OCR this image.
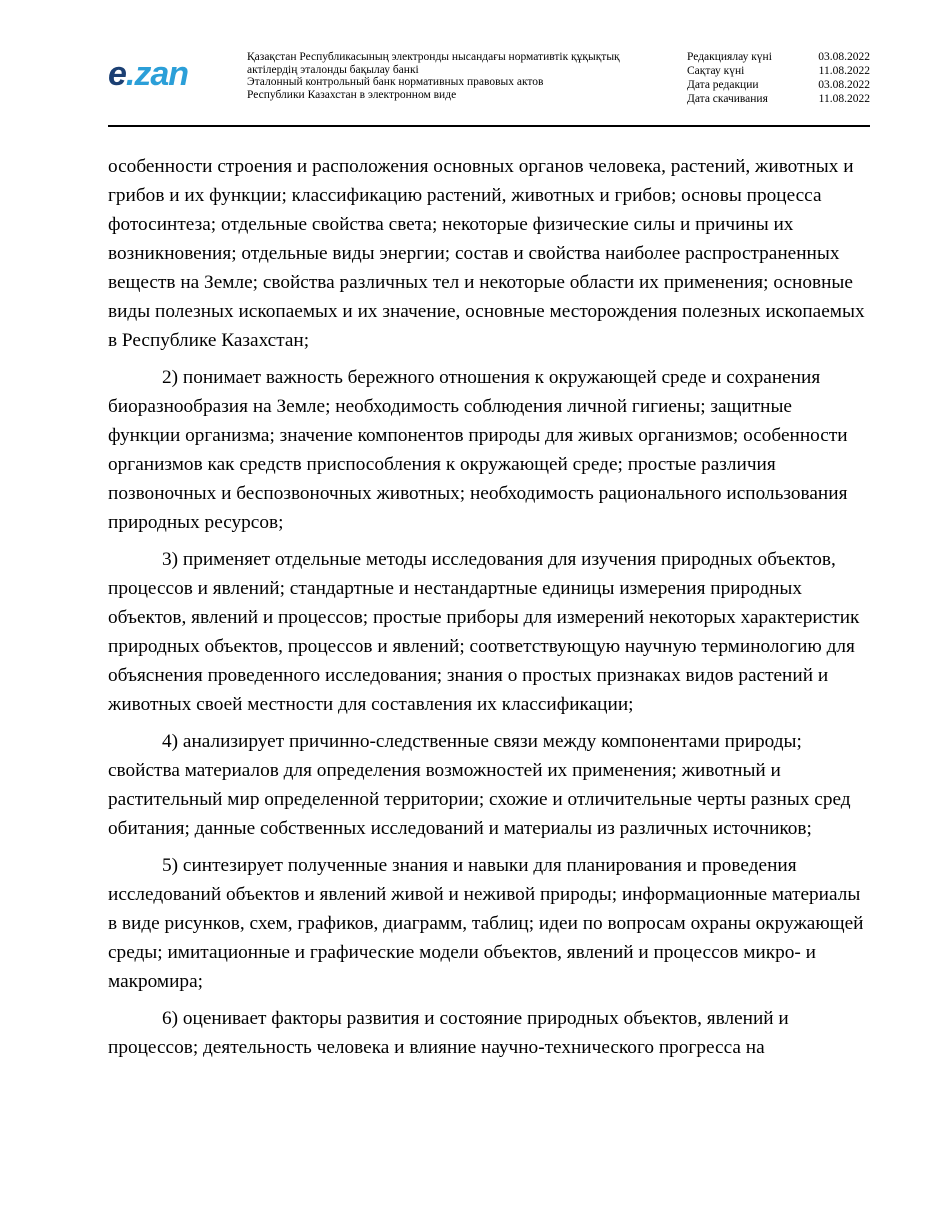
e.zan	Қазақстан Республикасының электронды нысандағы нормативтік құқықтық
актілердің эталонды бақылау банкі
Эталонный контрольный банк нормативных правовых актов
Республики Казахстан в электронном виде
Редакциялау күні	03.08.2022
Сақтау күні	11.08.2022
Дата редакции	03.08.2022
Дата скачивания	11.08.2022

особенности строения и расположения основных органов человека, растений, животных и грибов и их функции; классификацию растений, животных и грибов; основы процесса фотосинтеза; отдельные свойства света; некоторые физические силы и причины их возникновения; отдельные виды энергии; состав и свойства наиболее распространенных веществ на Земле; свойства различных тел и некоторые области их применения; основные виды полезных ископаемых и их значение, основные месторождения полезных ископаемых в Республике Казахстан;

2) понимает важность бережного отношения к окружающей среде и сохранения биоразнообразия на Земле; необходимость соблюдения личной гигиены; защитные функции организма; значение компонентов природы для живых организмов; особенности организмов как средств приспособления к окружающей среде; простые различия позвоночных и беспозвоночных животных; необходимость рационального использования природных ресурсов;

3) применяет отдельные методы исследования для изучения природных объектов, процессов и явлений; стандартные и нестандартные единицы измерения природных объектов, явлений и процессов; простые приборы для измерений некоторых характеристик природных объектов, процессов и явлений; соответствующую научную терминологию для объяснения проведенного исследования; знания о простых признаках видов растений и животных своей местности для составления их классификации;

4) анализирует причинно-следственные связи между компонентами природы; свойства материалов для определения возможностей их применения; животный и растительный мир определенной территории; схожие и отличительные черты разных сред обитания; данные собственных исследований и материалы из различных источников;

5) синтезирует полученные знания и навыки для планирования и проведения исследований объектов и явлений живой и неживой природы; информационные материалы в виде рисунков, схем, графиков, диаграмм, таблиц; идеи по вопросам охраны окружающей среды; имитационные и графические модели объектов, явлений и процессов микро- и макромира;

6) оценивает факторы развития и состояние природных объектов, явлений и процессов; деятельность человека и влияние научно-технического прогресса на
